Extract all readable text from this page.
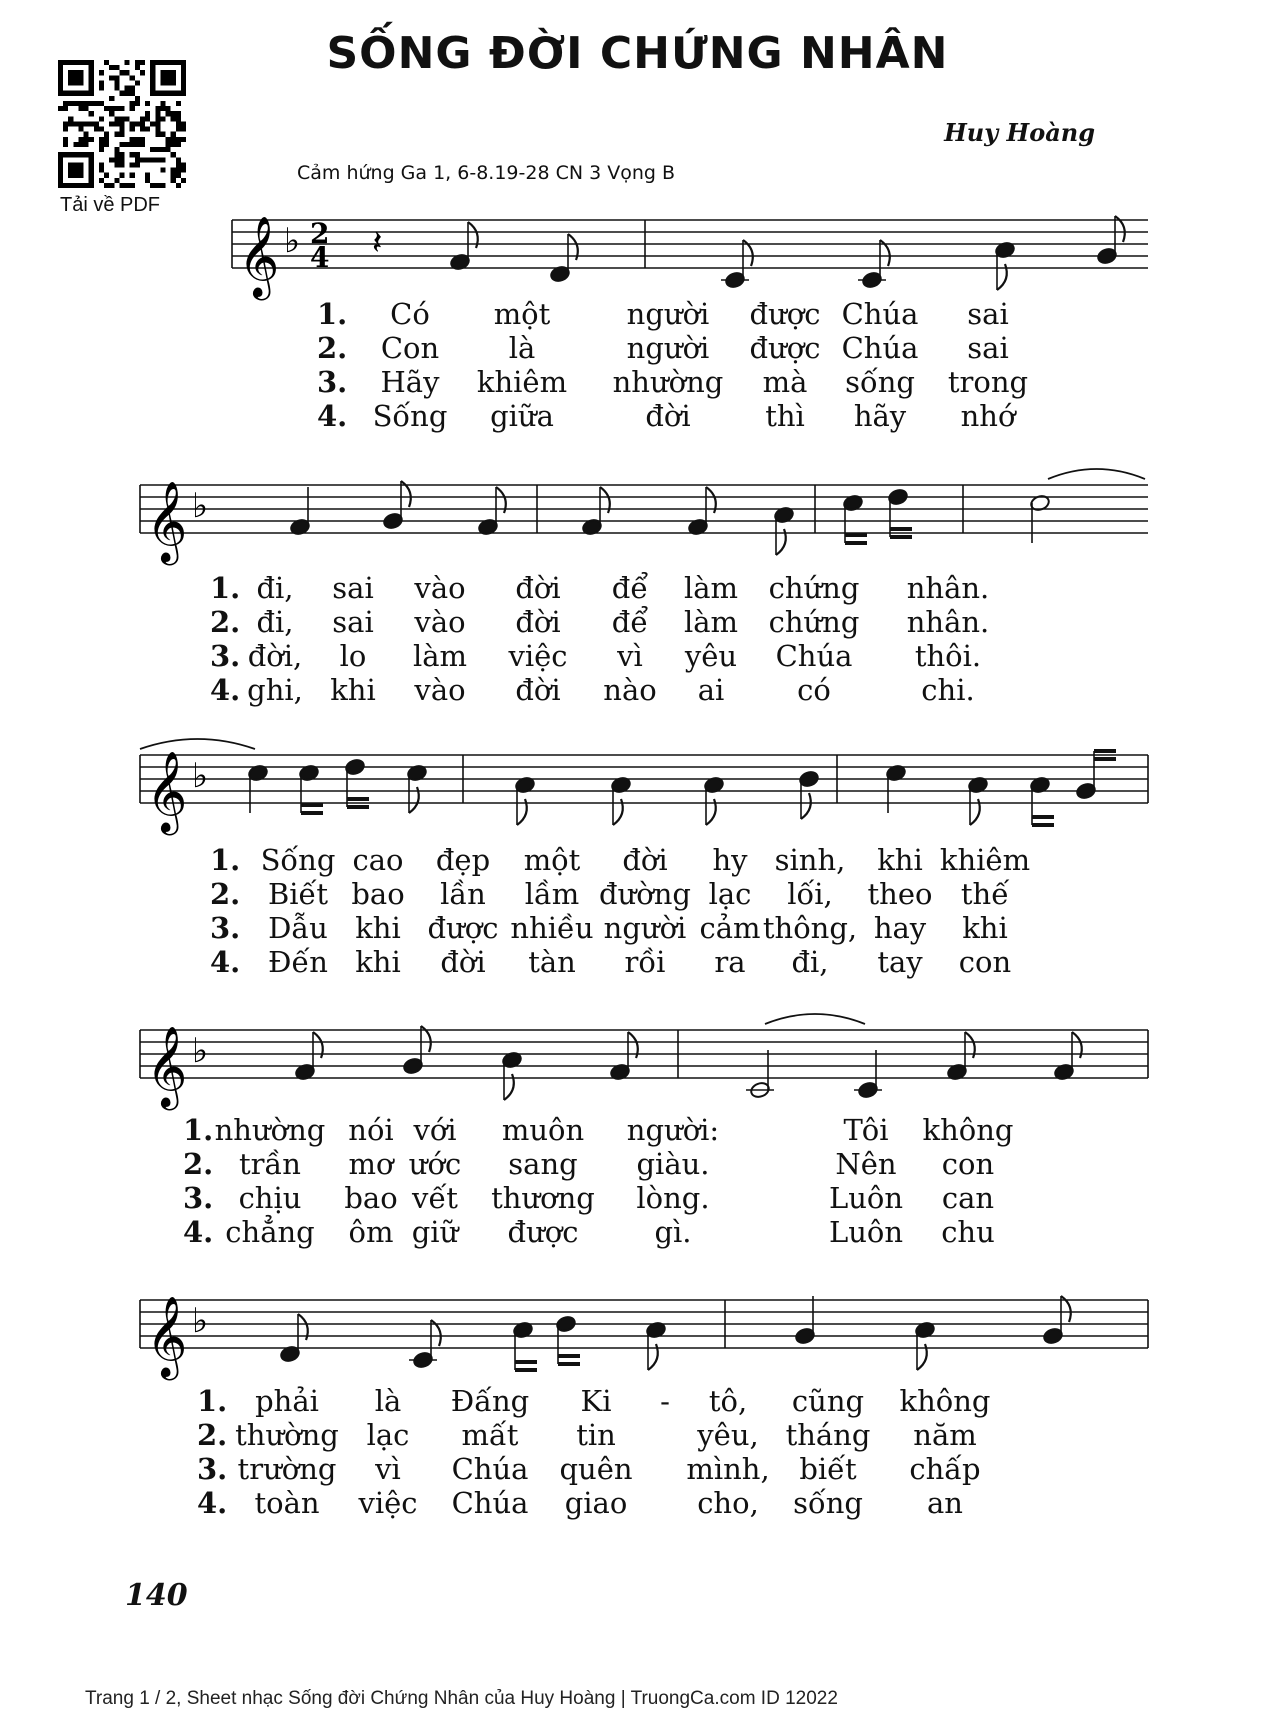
SỐNG ĐỜI CHỨNG NHÂN
Huy Hoàng
Cảm hứng Ga 1, 6-8.19-28 CN 3 Vọng B
Tải về PDF
𝄞 ♭ 2
4 𝄽
1. Có một	người được Chúa sai
2. Con là	người được Chúa sai
3. Hãy khiêm nhường mà sống trong
4. Sống giữa	đời	thì hãy nhớ
𝄞 ♭
1. đi, sai vào đời để làm chứng nhân.
2. đi, sai vào đời để làm chứng nhân.
3. đời, lo làm việc vì yêu Chúa thôi.
4. ghi, khi vào đời nào ai	có	chi.
𝄞 ♭
1. Sống cao đẹp một đời hy sinh, khi khiêm
2. Biết bao lần lầm đường lạc lối, theo thế
3. Dẫu khi được nhiều người cảm thông, hay khi
4. Đến khi đời tàn rồi ra đi, tay con
𝄞 ♭
1. nhường nói với muôn người:	Tôi không
2. trần mơ ước sang giàu.	Nên con
3. chịu bao vết thương lòng.	Luôn can
4. chẳng ôm giữ được	gì.	Luôn chu
𝄞 ♭
1. phải là Đấng Ki - tô, cũng không
2. thường lạc mất tin	yêu, tháng năm
3. trường vì Chúa quên mình, biết chấp
4. toàn việc Chúa giao cho, sống an
140
Trang 1 / 2, Sheet nhạc Sống đời Chứng Nhân của Huy Hoàng | TruongCa.com ID 12022
